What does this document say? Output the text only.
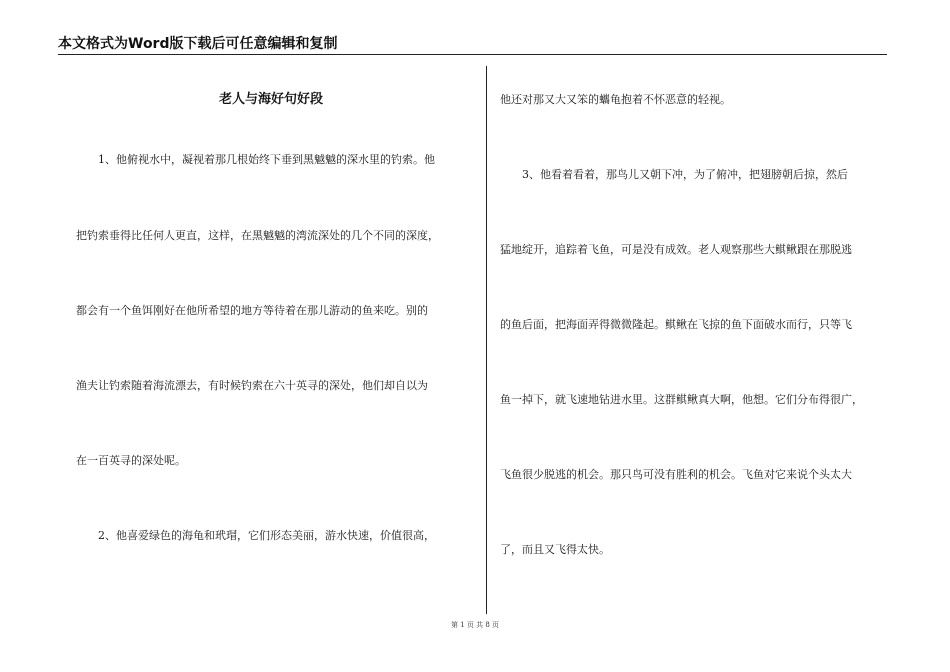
本文格式为Word版下载后可任意编辑和复制
老人与海好句好段
1、他俯视水中，凝视着那几根始终下垂到黑魆魆的深水里的钓索。他
把钓索垂得比任何人更直，这样，在黑魆魆的湾流深处的几个不同的深度，
都会有一个鱼饵刚好在他所希望的地方等待着在那儿游动的鱼来吃。别的
渔夫让钓索随着海流漂去，有时候钓索在六十英寻的深处，他们却自以为
在一百英寻的深处呢。
2、他喜爱绿色的海龟和玳瑁，它们形态美丽，游水快速，价值很高，
他还对那又大又笨的蠵龟抱着不怀恶意的轻视。
3、他看着看着，那鸟儿又朝下冲，为了俯冲，把翅膀朝后掠，然后
猛地绽开，追踪着飞鱼，可是没有成效。老人观察那些大鲯鳅跟在那脱逃
的鱼后面，把海面弄得微微隆起。鲯鳅在飞掠的鱼下面破水而行，只等飞
鱼一掉下，就飞速地钻进水里。这群鲯鳅真大啊，他想。它们分布得很广，
飞鱼很少脱逃的机会。那只鸟可没有胜利的机会。飞鱼对它来说个头太大
了，而且又飞得太快。
第 1 页 共 8 页
